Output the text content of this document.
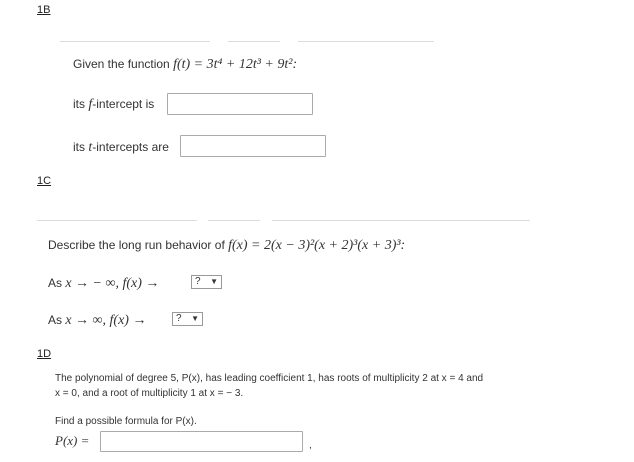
1B
Given the function f(t) = 3t⁴ + 12t³ + 9t²:
its f-intercept is
its t-intercepts are
1C
Describe the long run behavior of f(x) = 2(x − 3)²(x + 2)³(x + 3)³:
As x → − ∞, f(x) →	? ▼
As x → ∞, f(x) →	? ▼
1D
The polynomial of degree 5, P(x), has leading coefficient 1, has roots of multiplicity 2 at x = 4 and
x = 0, and a root of multiplicity 1 at x = − 3.
Find a possible formula for P(x).
P(x) =	,
